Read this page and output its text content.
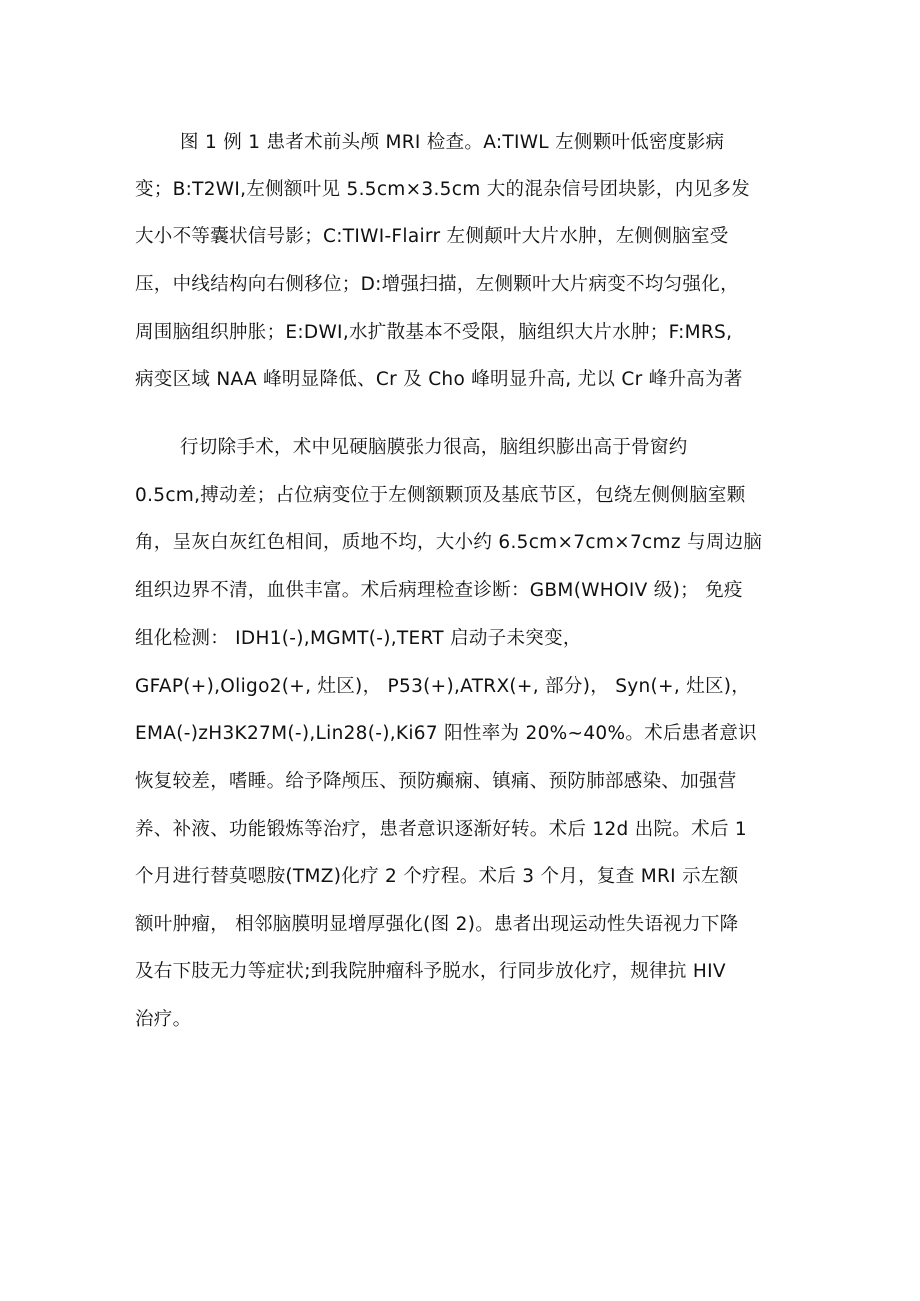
图 1 例 1 患者术前头颅 MRI 检查。A:TIWL 左侧颗叶低密度影病
变；B:T2WI,左侧额叶见 5.5cm×3.5cm 大的混杂信号团块影，内见多发
大小不等囊状信号影；C:TIWI-Flairr 左侧颠叶大片水肿，左侧侧脑室受
压，中线结构向右侧移位；D:增强扫描，左侧颗叶大片病变不均匀强化，
周围脑组织肿胀；E:DWI,水扩散基本不受限，脑组织大片水肿；F:MRS,
病变区域 NAA 峰明显降低、Cr 及 Cho 峰明显升高, 尤以 Cr 峰升高为著
行切除手术，术中见硬脑膜张力很高，脑组织膨出高于骨窗约
0.5cm,搏动差；占位病变位于左侧额颗顶及基底节区，包绕左侧侧脑室颗
角，呈灰白灰红色相间，质地不均，大小约 6.5cm×7cm×7cmz 与周边脑
组织边界不清，血供丰富。术后病理检查诊断：GBM(WHOIV 级)； 免疫
组化检测： IDH1(-),MGMT(-),TERT 启动子未突变，
GFAP(+),Oligo2(+, 灶区)， P53(+),ATRX(+, 部分)， Syn(+, 灶区)，
EMA(-)zH3K27M(-),Lin28(-),Ki67 阳性率为 20%~40%。术后患者意识
恢复较差，嗜睡。给予降颅压、预防癫痫、镇痛、预防肺部感染、加强营
养、补液、功能锻炼等治疗，患者意识逐渐好转。术后 12d 出院。术后 1
个月进行替莫嗯胺(TMZ)化疗 2 个疗程。术后 3 个月，复查 MRI 示左额
额叶肿瘤， 相邻脑膜明显增厚强化(图 2)。患者出现运动性失语视力下降
及右下肢无力等症状;到我院肿瘤科予脱水，行同步放化疗，规律抗 HIV
治疗。
